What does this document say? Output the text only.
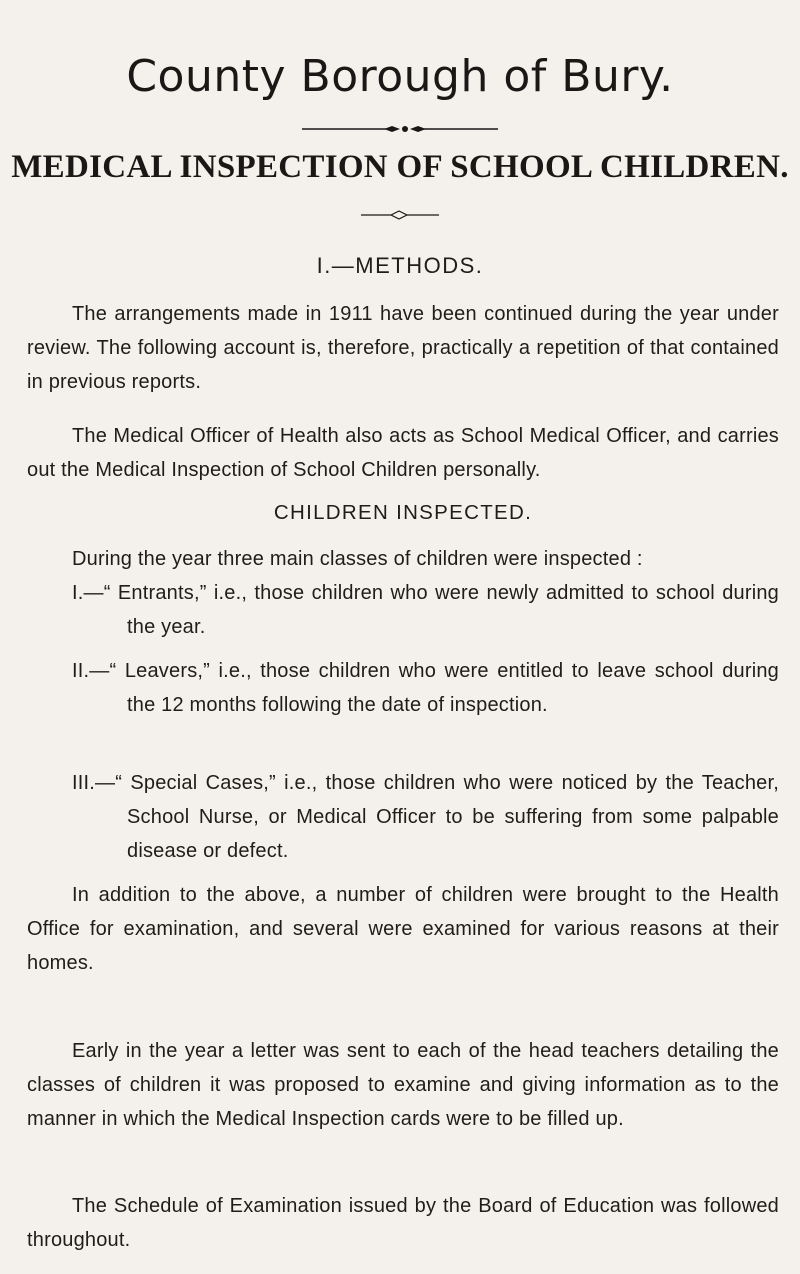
County Borough of Bury.
MEDICAL INSPECTION OF SCHOOL CHILDREN.
I.—METHODS.

The arrangements made in 1911 have been continued during the year under review. The following account is, therefore, practically a repetition of that contained in previous reports.

The Medical Officer of Health also acts as School Medical Officer, and carries out the Medical Inspection of School Children personally.

CHILDREN INSPECTED.

During the year three main classes of children were inspected :

I.—“ Entrants,” i.e., those children who were newly admitted to school during the year.

II.—“ Leavers,” i.e., those children who were entitled to leave school during the 12 months following the date of inspection.

III.—“ Special Cases,” i.e., those children who were noticed by the Teacher, School Nurse, or Medical Officer to be suffering from some palpable disease or defect.

In addition to the above, a number of children were brought to the Health Office for examination, and several were examined for various reasons at their homes.

Early in the year a letter was sent to each of the head teachers detailing the classes of children it was proposed to examine and giving information as to the manner in which the Medical Inspection cards were to be filled up.

The Schedule of Examination issued by the Board of Education was followed throughout.
